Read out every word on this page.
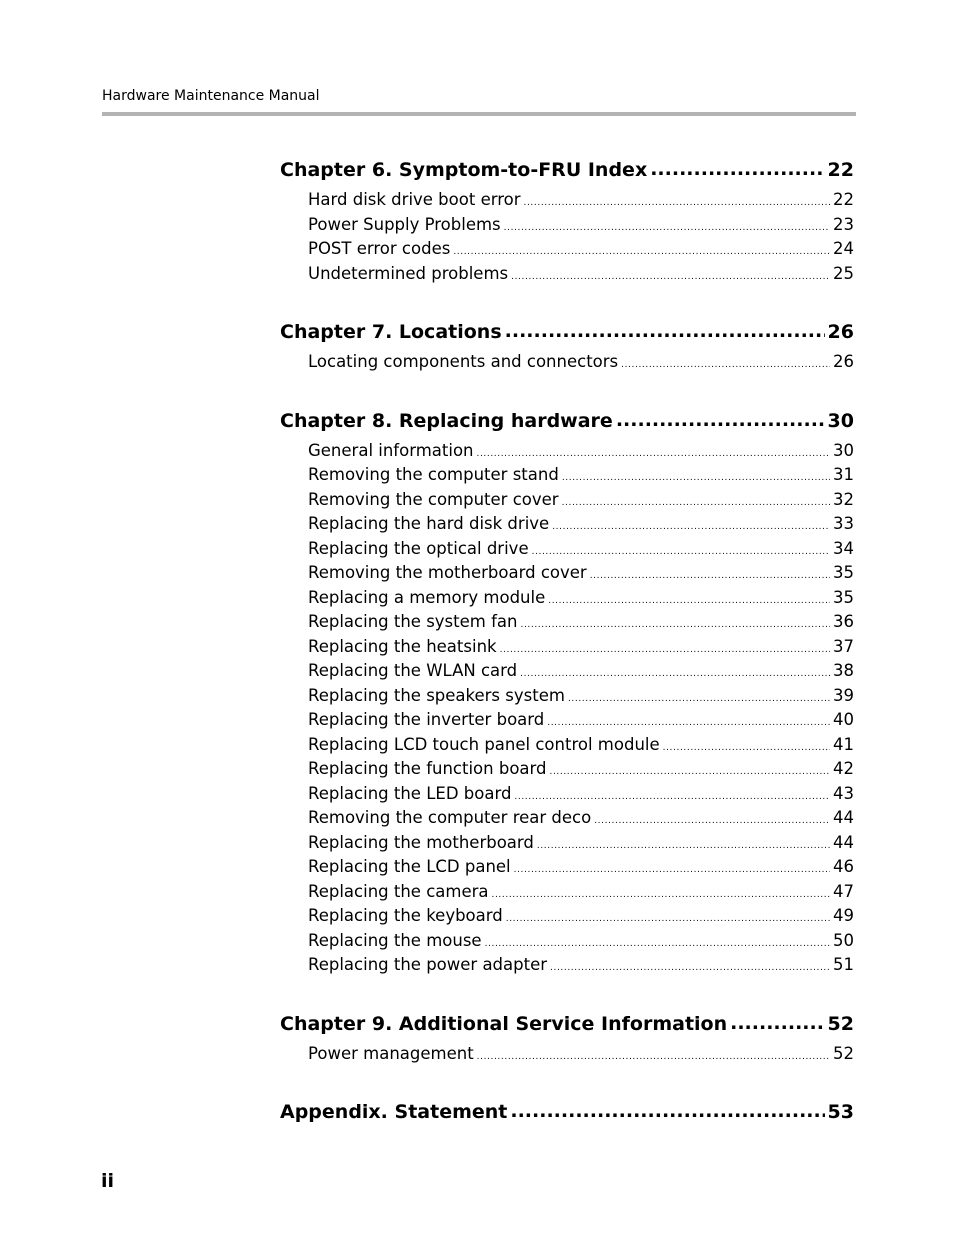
Hardware Maintenance Manual
Chapter 6. Symptom-to-FRU Index .....	22
Hard disk drive boot error .....	22
Power Supply Problems .....	23
POST error codes .....	24
Undetermined problems .....	25
Chapter 7. Locations .....	26
Locating components and connectors .....	26
Chapter 8. Replacing hardware .....	30
General information .....	30
Removing the computer stand .....	31
Removing the computer cover .....	32
Replacing the hard disk drive .....	33
Replacing the optical drive .....	34
Removing the motherboard cover .....	35
Replacing a memory module .....	35
Replacing the system fan .....	36
Replacing the heatsink .....	37
Replacing the WLAN card .....	38
Replacing the speakers system .....	39
Replacing the inverter board .....	40
Replacing LCD touch panel control module .....	41
Replacing the function board .....	42
Replacing the LED board .....	43
Removing the computer rear deco .....	44
Replacing the motherboard .....	44
Replacing the LCD panel .....	46
Replacing the camera .....	47
Replacing the keyboard .....	49
Replacing the mouse .....	50
Replacing the power adapter .....	51
Chapter 9. Additional Service Information .....	52
Power management .....	52
Appendix. Statement .....	53
ii
